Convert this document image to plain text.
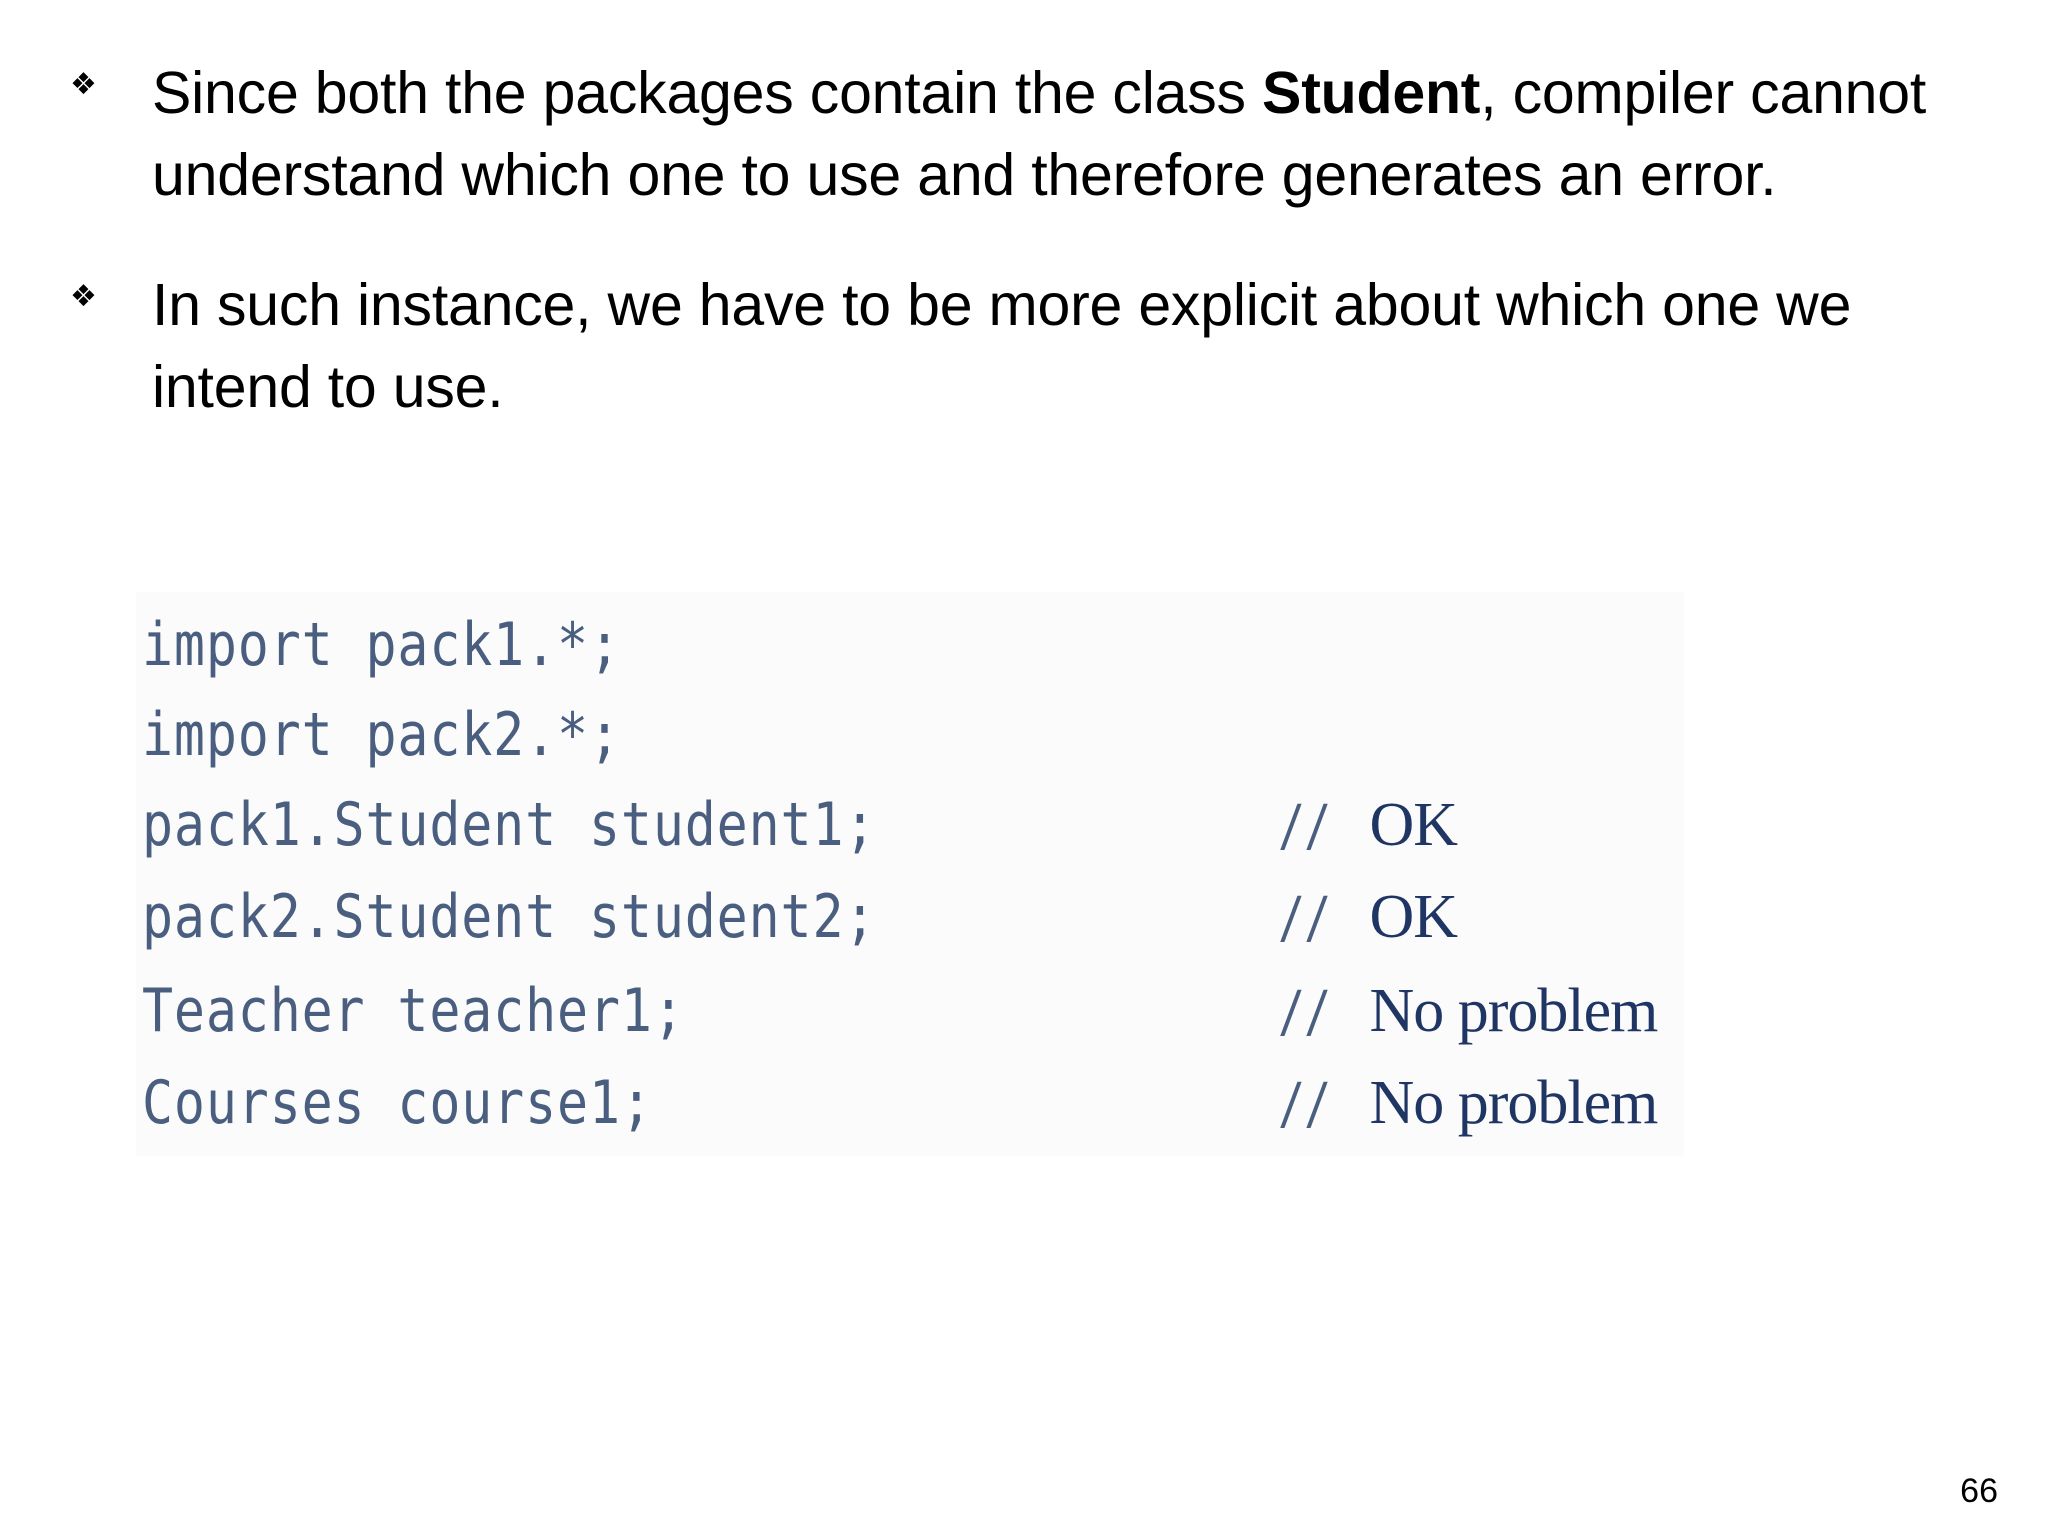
❖ Since both the packages contain the class Student, compiler cannot understand which one to use and therefore generates an error.
❖ In such instance, we have to be more explicit about which one we intend to use.
import pack1.*;
import pack2.*;
pack1.Student student1;	// OK
pack2.Student student2;	// OK
Teacher teacher1;	// No problem
Courses course1;	// No problem
66
